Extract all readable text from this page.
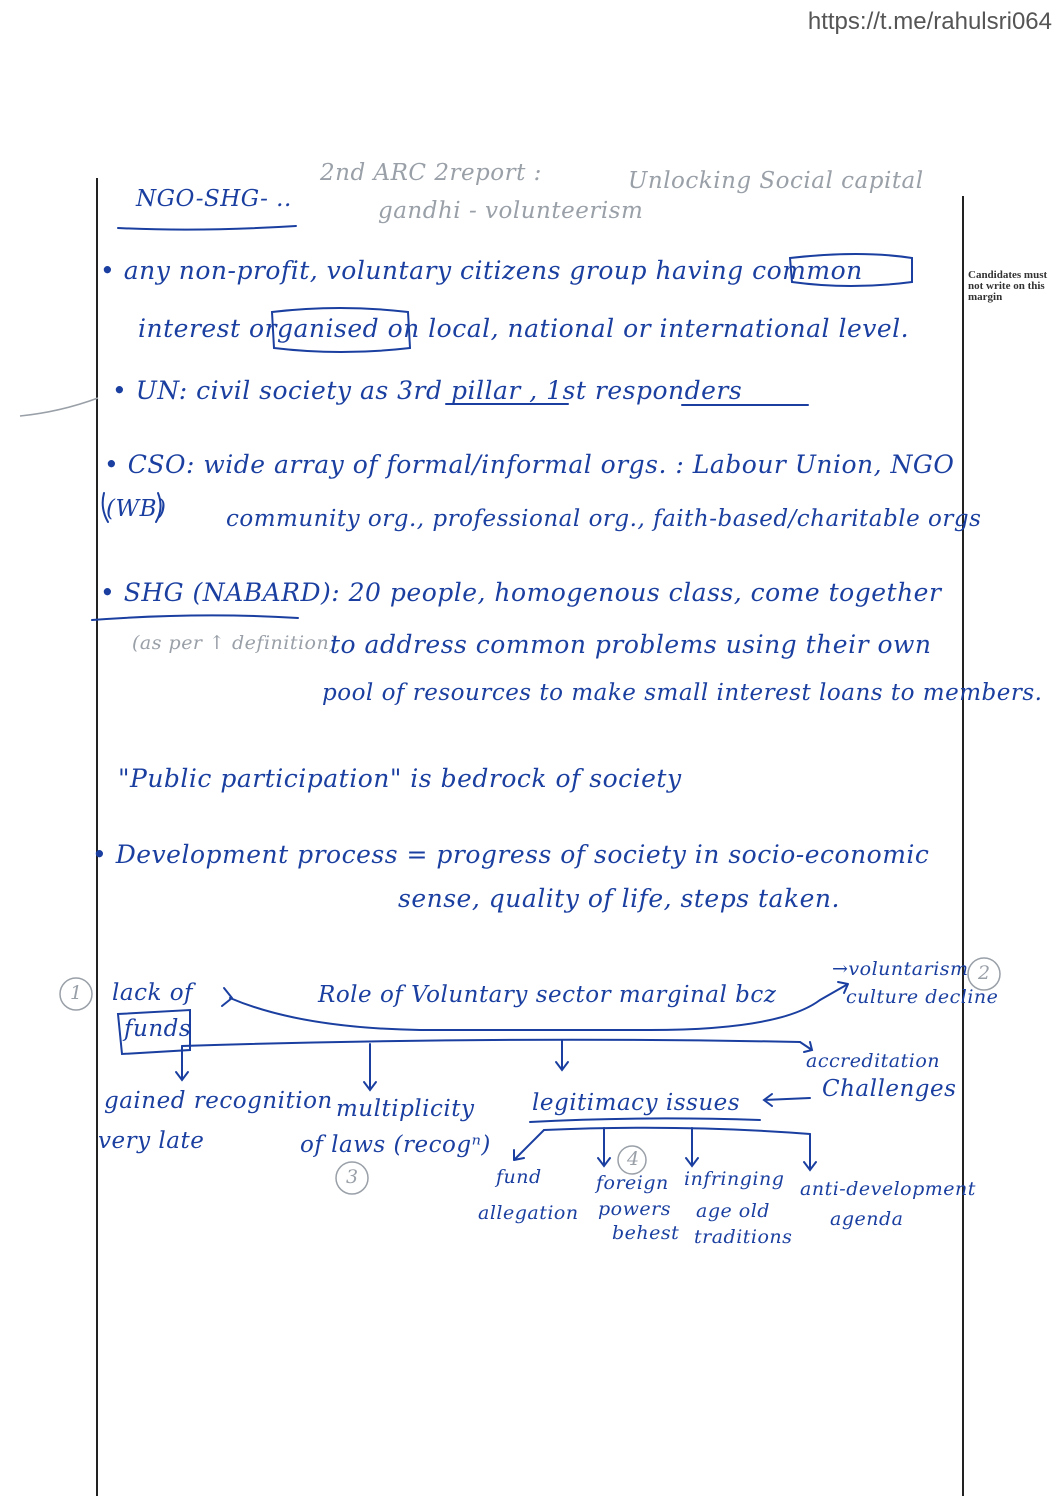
https://t.me/rahulsri064
Candidates must not write on this margin
NGO-SHG- ..
2nd ARC 2report :	Unlocking Social capital
gandhi - volunteerism
• any non-profit, voluntary citizens group having common
interest organised on local, national or international level.
• UN: civil society as 3rd pillar , 1st responders
• CSO: wide array of formal/informal orgs. : Labour Union, NGO
(WB)	community org., professional org., faith-based/charitable orgs
• SHG (NABARD): 20 people, homogenous class, come together
(as per ↑ definition)
to address common problems using their own
pool of resources to make small interest loans to members.
"Public participation" is bedrock of society
• Development process = progress of society in socio-economic
sense, quality of life, steps taken.
Role of Voluntary sector marginal bcz
1 lack of
funds
→voluntarism
culture decline
2
accreditation
Challenges
gained recognition
very late
multiplicity
of laws (recogⁿ)
3
legitimacy issues
4
fund
allegation
foreign
powers
behest
infringing
age old
traditions
anti-development
agenda
